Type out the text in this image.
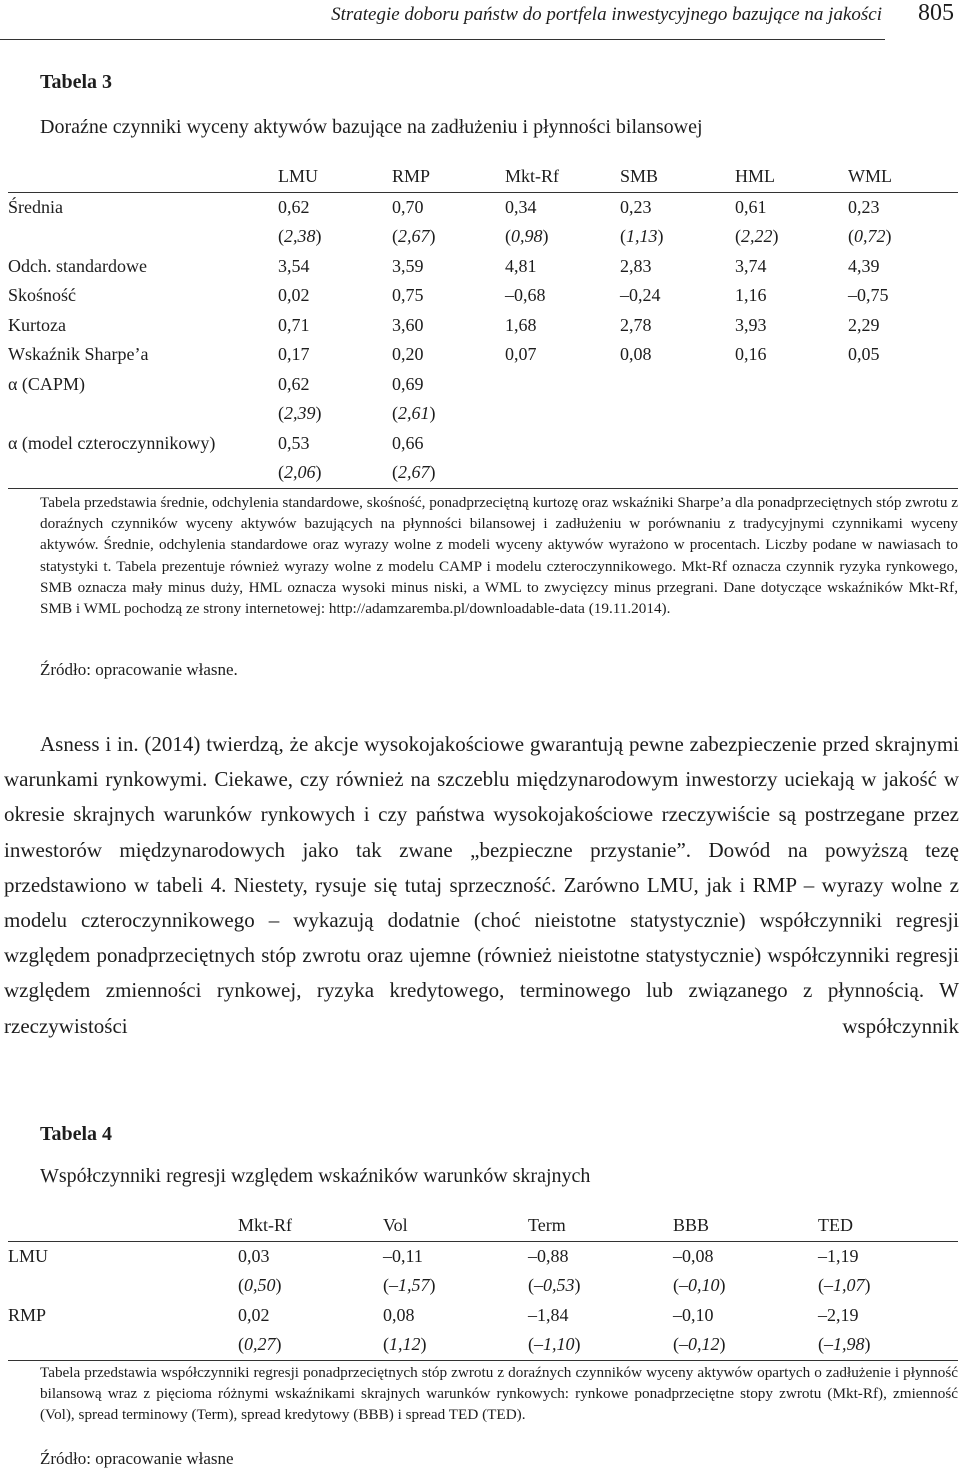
Strategie doboru państw do portfela inwestycyjnego bazujące na jakości 805
Tabela 3
Doraźne czynniki wyceny aktywów bazujące na zadłużeniu i płynności bilansowej
	LMU	RMP	Mkt-Rf	SMB	HML	WML
Średnia	0,62	0,70	0,34	0,23	0,61	0,23
	(2,38)	(2,67)	(0,98)	(1,13)	(2,22)	(0,72)
Odch. standardowe	3,54	3,59	4,81	2,83	3,74	4,39
Skośność	0,02	0,75	–0,68	–0,24	1,16	–0,75
Kurtoza	0,71	3,60	1,68	2,78	3,93	2,29
Wskaźnik Sharpe’a	0,17	0,20	0,07	0,08	0,16	0,05
α (CAPM)	0,62	0,69				
	(2,39)	(2,61)				
α (model czteroczynnikowy)	0,53	0,66				
	(2,06)	(2,67)				
Tabela przedstawia średnie, odchylenia standardowe, skośność, ponadprzeciętną kurtozę oraz wskaźniki Sharpe’a dla ponadprzeciętnych stóp zwrotu z doraźnych czynników wyceny aktywów bazujących na płynności bilansowej i zadłużeniu w porównaniu z tradycyjnymi czynnikami wyceny aktywów. Średnie, odchylenia standardowe oraz wyrazy wolne z modeli wyceny aktywów wyrażono w procentach. Liczby podane w nawiasach to statystyki t. Tabela prezentuje również wyrazy wolne z modelu CAMP i modelu czteroczynnikowego. Mkt-Rf oznacza czynnik ryzyka rynkowego, SMB oznacza mały minus duży, HML oznacza wysoki minus niski, a WML to zwycięzcy minus przegrani. Dane dotyczące wskaźników Mkt-Rf, SMB i WML pochodzą ze strony internetowej: http://adamzaremba.pl/downloadable-data (19.11.2014).
Źródło: opracowanie własne.
Asness i in. (2014) twierdzą, że akcje wysokojakościowe gwarantują pewne zabezpieczenie przed skrajnymi warunkami rynkowymi. Ciekawe, czy również na szczeblu międzynarodowym inwestorzy uciekają w jakość w okresie skrajnych warunków rynkowych i czy państwa wysokojakościowe rzeczywiście są postrzegane przez inwestorów międzynarodowych jako tak zwane „bezpieczne przystanie”. Dowód na powyższą tezę przedstawiono w tabeli 4. Niestety, rysuje się tutaj sprzeczność. Zarówno LMU, jak i RMP – wyrazy wolne z modelu czteroczynnikowego – wykazują dodatnie (choć nieistotne statystycznie) współczynniki regresji względem ponadprzeciętnych stóp zwrotu oraz ujemne (również nieistotne statystycznie) współczynniki regresji względem zmienności rynkowej, ryzyka kredytowego, terminowego lub związanego z płynnością. W rzeczywistości współczynnik
Tabela 4
Współczynniki regresji względem wskaźników warunków skrajnych
	Mkt-Rf	Vol	Term	BBB	TED
LMU	0,03	–0,11	–0,88	–0,08	–1,19
	(0,50)	(–1,57)	(–0,53)	(–0,10)	(–1,07)
RMP	0,02	0,08	–1,84	–0,10	–2,19
	(0,27)	(1,12)	(–1,10)	(–0,12)	(–1,98)
Tabela przedstawia współczynniki regresji ponadprzeciętnych stóp zwrotu z doraźnych czynników wyceny aktywów opartych o zadłużenie i płynność bilansową wraz z pięcioma różnymi wskaźnikami skrajnych warunków rynkowych: rynkowe ponadprzeciętne stopy zwrotu (Mkt-Rf), zmienność (Vol), spread terminowy (Term), spread kredytowy (BBB) i spread TED (TED).
Źródło: opracowanie własne
